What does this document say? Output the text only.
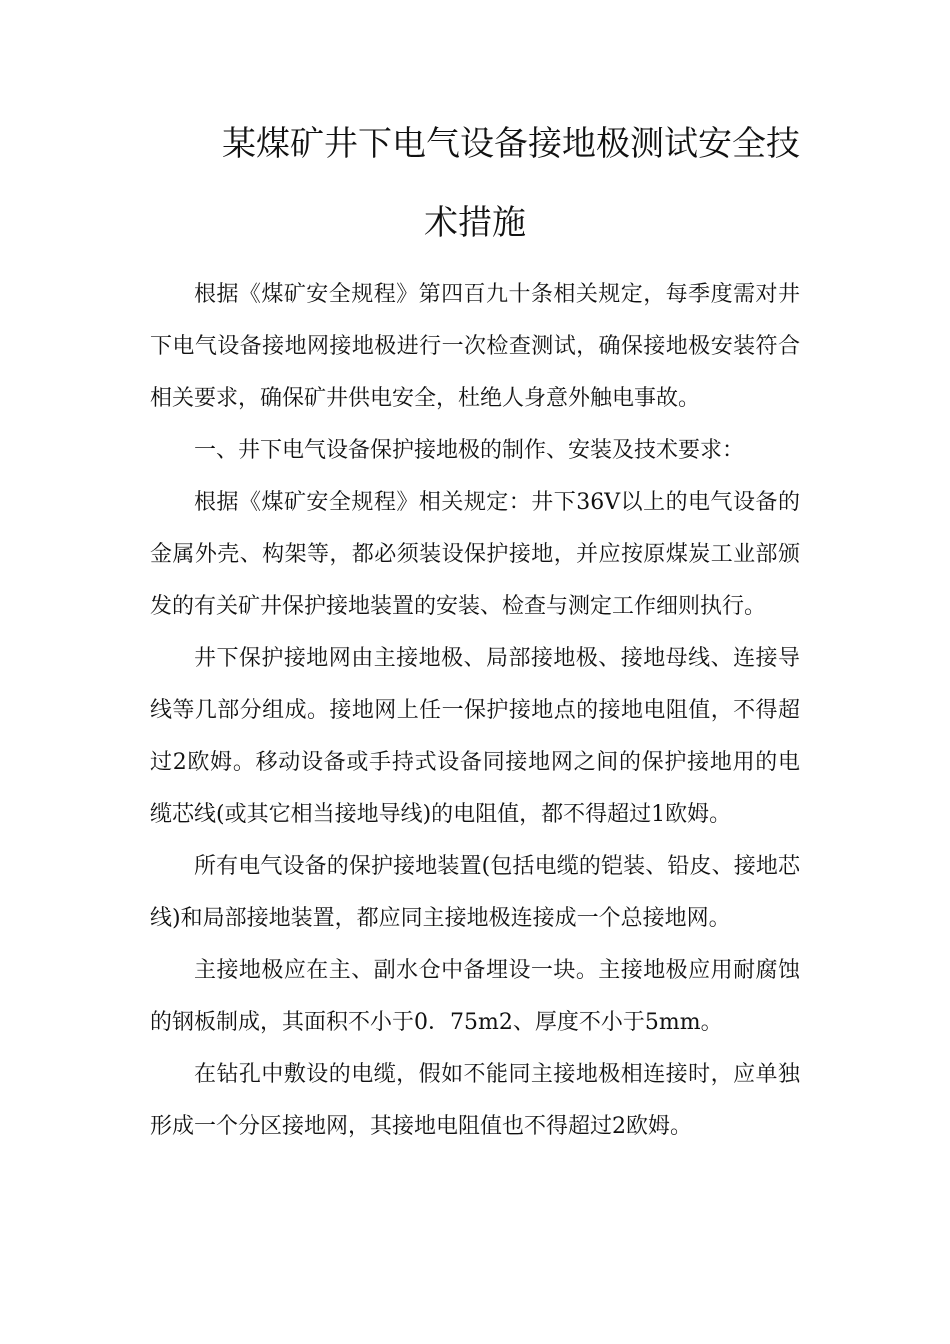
某煤矿井下电气设备接地极测试安全技
术措施

根据《煤矿安全规程》第四百九十条相关规定，每季度需对井下电气设备接地网接地极进行一次检查测试，确保接地极安装符合相关要求，确保矿井供电安全，杜绝人身意外触电事故。

一、井下电气设备保护接地极的制作、安装及技术要求：

根据《煤矿安全规程》相关规定：井下36V以上的电气设备的金属外壳、构架等，都必须装设保护接地，并应按原煤炭工业部颁发的有关矿井保护接地装置的安装、检查与测定工作细则执行。

井下保护接地网由主接地极、局部接地极、接地母线、连接导线等几部分组成。接地网上任一保护接地点的接地电阻值，不得超过2欧姆。移动设备或手持式设备同接地网之间的保护接地用的电缆芯线(或其它相当接地导线)的电阻值，都不得超过1欧姆。

所有电气设备的保护接地装置(包括电缆的铠装、铅皮、接地芯线)和局部接地装置，都应同主接地极连接成一个总接地网。

主接地极应在主、副水仓中备埋设一块。主接地极应用耐腐蚀的钢板制成，其面积不小于0．75m2、厚度不小于5mm。

在钻孔中敷设的电缆，假如不能同主接地极相连接时，应单独形成一个分区接地网，其接地电阻值也不得超过2欧姆。
